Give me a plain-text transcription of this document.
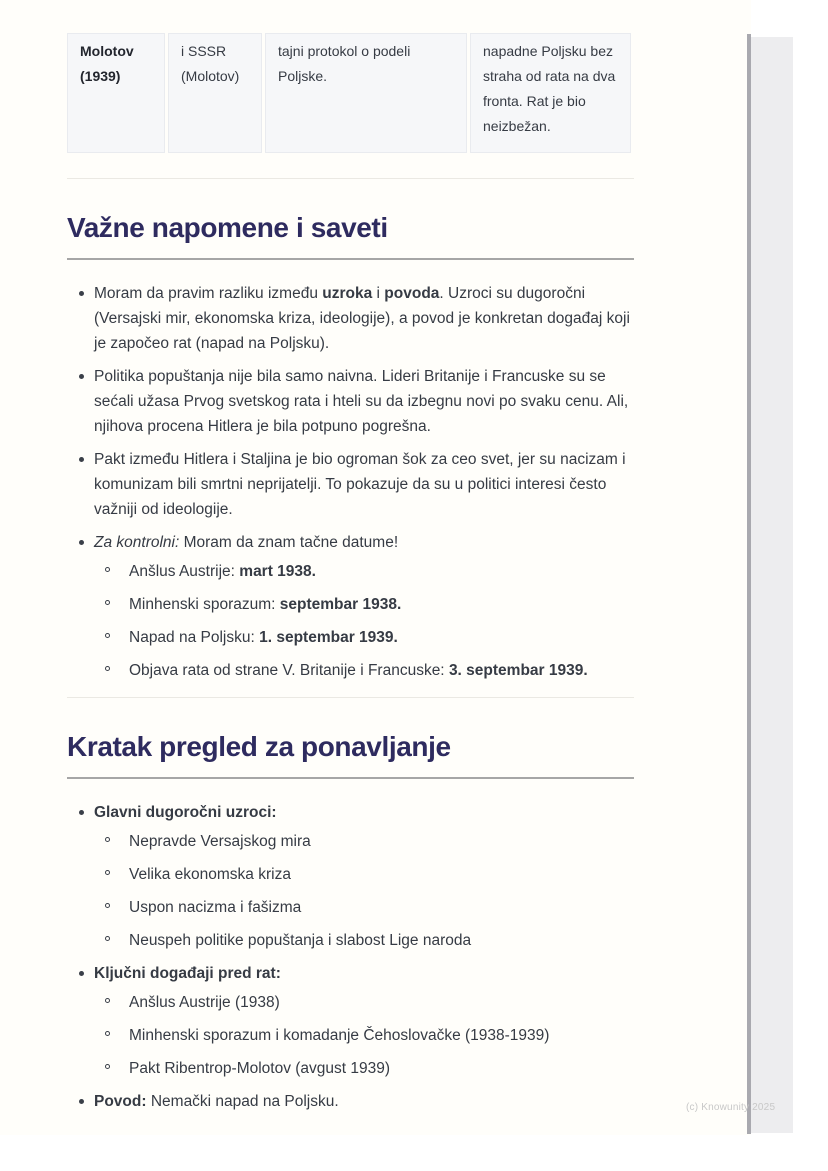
Molotov (1939)
i SSSR (Molotov)
tajni protokol o podeli Poljske.
napadne Poljsku bez straha od rata na dva fronta. Rat je bio neizbežan.
Važne napomene i saveti
Moram da pravim razliku između uzroka i povoda. Uzroci su dugoročni (Versajski mir, ekonomska kriza, ideologije), a povod je konkretan događaj koji je započeo rat (napad na Poljsku).
Politika popuštanja nije bila samo naivna. Lideri Britanije i Francuske su se sećali užasa Prvog svetskog rata i hteli su da izbegnu novi po svaku cenu. Ali, njihova procena Hitlera je bila potpuno pogrešna.
Pakt između Hitlera i Staljina je bio ogroman šok za ceo svet, jer su nacizam i komunizam bili smrtni neprijatelji. To pokazuje da su u politici interesi često važniji od ideologije.
Za kontrolni: Moram da znam tačne datume!
Anšlus Austrije: mart 1938.
Minhenski sporazum: septembar 1938.
Napad na Poljsku: 1. septembar 1939.
Objava rata od strane V. Britanije i Francuske: 3. septembar 1939.
Kratak pregled za ponavljanje
Glavni dugoročni uzroci:
Nepravde Versajskog mira
Velika ekonomska kriza
Uspon nacizma i fašizma
Neuspeh politike popuštanja i slabost Lige naroda
Ključni događaji pred rat:
Anšlus Austrije (1938)
Minhenski sporazum i komadanje Čehoslovačke (1938-1939)
Pakt Ribentrop-Molotov (avgust 1939)
Povod: Nemački napad na Poljsku.	(c) Knowunity 2025
